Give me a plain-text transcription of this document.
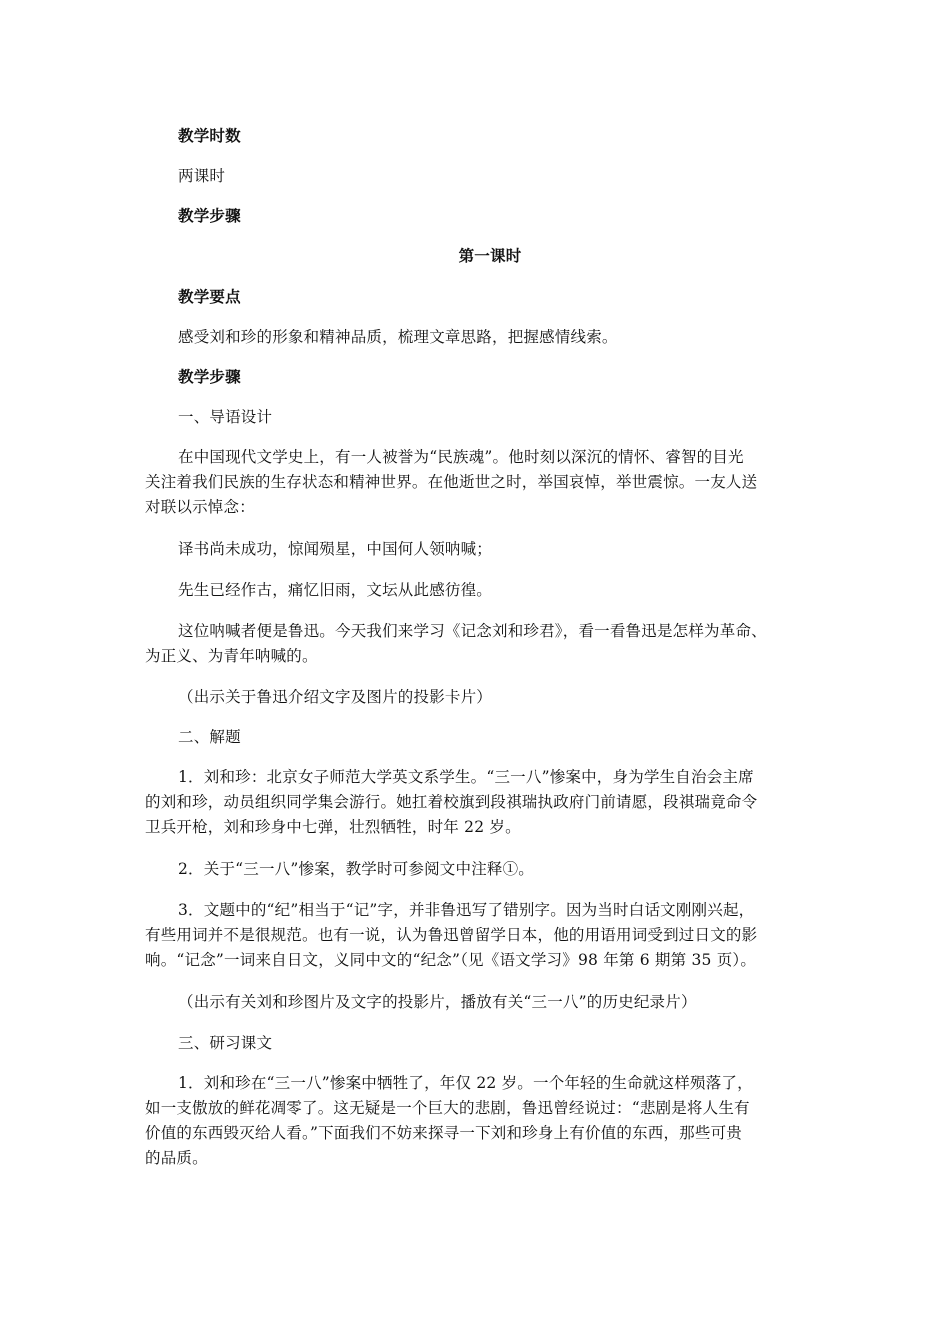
教学时数
两课时
教学步骤
第一课时
教学要点
感受刘和珍的形象和精神品质，梳理文章思路，把握感情线索。
教学步骤
一、导语设计
在中国现代文学史上，有一人被誉为“民族魂”。他时刻以深沉的情怀、睿智的目光
关注着我们民族的生存状态和精神世界。在他逝世之时，举国哀悼，举世震惊。一友人送
对联以示悼念：
译书尚未成功，惊闻殒星，中国何人领呐喊；
先生已经作古，痛忆旧雨，文坛从此感彷徨。
这位呐喊者便是鲁迅。今天我们来学习《记念刘和珍君》，看一看鲁迅是怎样为革命、
为正义、为青年呐喊的。
（出示关于鲁迅介绍文字及图片的投影卡片）
二、解题
1．刘和珍：北京女子师范大学英文系学生。“三一八”惨案中，身为学生自治会主席
的刘和珍，动员组织同学集会游行。她扛着校旗到段祺瑞执政府门前请愿，段祺瑞竟命令
卫兵开枪，刘和珍身中七弹，壮烈牺牲，时年 22 岁。
2．关于“三一八”惨案，教学时可参阅文中注释①。
3．文题中的“纪”相当于“记”字，并非鲁迅写了错别字。因为当时白话文刚刚兴起，
有些用词并不是很规范。也有一说，认为鲁迅曾留学日本，他的用语用词受到过日文的影
响。“记念”一词来自日文，义同中文的“纪念”（见《语文学习》98 年第 6 期第 35 页）。
（出示有关刘和珍图片及文字的投影片，播放有关“三一八”的历史纪录片）
三、研习课文
1．刘和珍在“三一八”惨案中牺牲了，年仅 22 岁。一个年轻的生命就这样殒落了，
如一支傲放的鲜花凋零了。这无疑是一个巨大的悲剧，鲁迅曾经说过：“悲剧是将人生有
价值的东西毁灭给人看。”下面我们不妨来探寻一下刘和珍身上有价值的东西，那些可贵
的品质。
